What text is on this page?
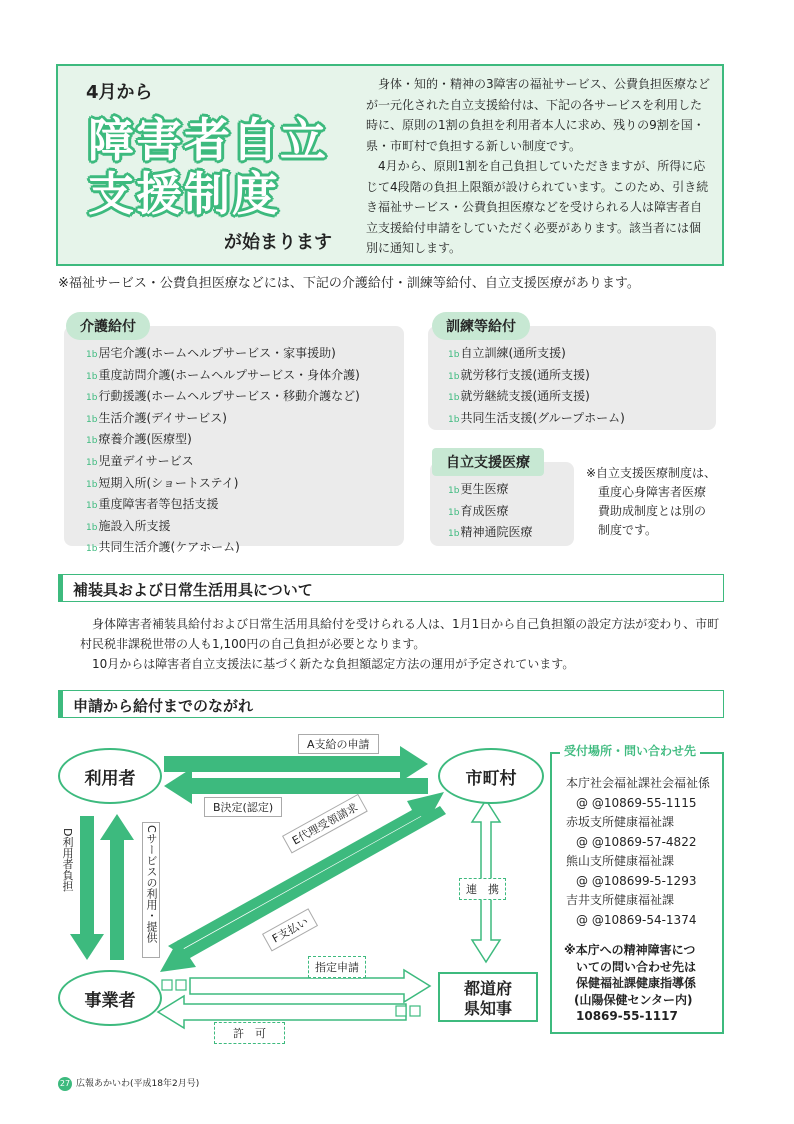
4月から
障害者自立
支援制度
が始まります

身体・知的・精神の3障害の福祉サービス、公費負担医療などが一元化された自立支援給付は、下記の各サービスを利用した時に、原則の1割の負担を利用者本人に求め、残りの9割を国・県・市町村で負担する新しい制度です。

4月から、原則1割を自己負担していただきますが、所得に応じて4段階の負担上限額が設けられています。このため、引き続き福祉サービス・公費負担医療などを受けられる人は障害者自立支援給付申請をしていただく必要があります。該当者には個別に通知します。

※福祉サービス・公費負担医療などには、下記の介護給付・訓練等給付、自立支援医療があります。
介護給付
1b居宅介護(ホームヘルプサービス・家事援助)
1b重度訪問介護(ホームヘルプサービス・身体介護)
1b行動援護(ホームヘルプサービス・移動介護など)
1b生活介護(デイサービス)
1b療養介護(医療型)
1b児童デイサービス
1b短期入所(ショートステイ)
1b重度障害者等包括支援
1b施設入所支援
1b共同生活介護(ケアホーム)
訓練等給付
1b自立訓練(通所支援)
1b就労移行支援(通所支援)
1b就労継続支援(通所支援)
1b共同生活支援(グループホーム)
自立支援医療
1b更生医療
1b育成医療
1b精神通院医療
※自立支援医療制度は、
重度心身障害者医療
費助成制度とは別の
制度です。
補装具および日常生活用具について

身体障害者補装具給付および日常生活用具給付を受けられる人は、1月1日から自己負担額の設定方法が変わり、市町村民税非課税世帯の人も1,100円の自己負担が必要となります。

10月からは障害者自立支援法に基づく新たな負担額認定方法の運用が予定されています。

申請から給付までのながれ
利用者	市町村
事業者
都道府
県知事
A支給の申請
B決定(認定)
Cサービスの利用・提供
D利用者負担
E代理受領請求
F支払い
連　携
指定申請
許　可
受付場所・問い合わせ先
本庁社会福祉課社会福祉係
@ @10869-55-1115
赤坂支所健康福祉課
@ @10869-57-4822
熊山支所健康福祉課
@ @108699-5-1293
吉井支所健康福祉課
@ @10869-54-1374
※本庁への精神障害につ
いての問い合わせ先は
保健福祉課健康指導係
(山陽保健センター内)
10869-55-1117
27 広報あかいわ(平成18年2月号)
